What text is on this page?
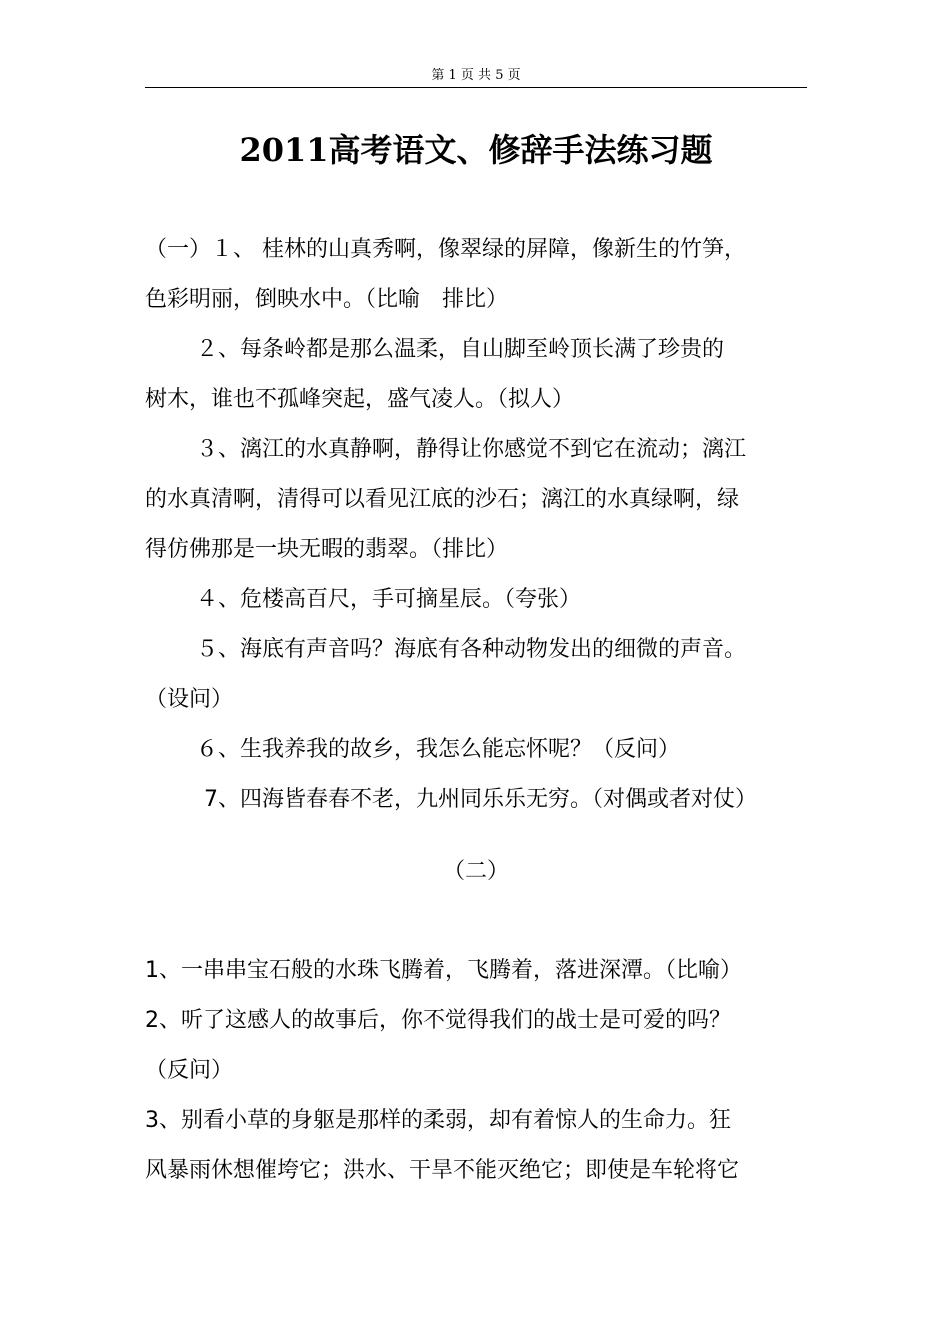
第 1 页 共 5 页
2011高考语文、修辞手法练习题
（一）１、 桂林的山真秀啊，像翠绿的屏障，像新生的竹笋，
色彩明丽，倒映水中。（比喻　排比）
２、每条岭都是那么温柔，自山脚至岭顶长满了珍贵的
树木，谁也不孤峰突起，盛气凌人。（拟人）
３、漓江的水真静啊，静得让你感觉不到它在流动；漓江
的水真清啊，清得可以看见江底的沙石；漓江的水真绿啊，绿
得仿佛那是一块无暇的翡翠。（排比）
４、危楼高百尺，手可摘星辰。（夸张）
５、海底有声音吗？海底有各种动物发出的细微的声音。
（设问）
６、生我养我的故乡，我怎么能忘怀呢？（反问）
7、四海皆春春不老，九州同乐乐无穷。（对偶或者对仗）
（二）
1、一串串宝石般的水珠飞腾着，飞腾着，落进深潭。（比喻）
2、听了这感人的故事后，你不觉得我们的战士是可爱的吗？
（反问）
3、别看小草的身躯是那样的柔弱，却有着惊人的生命力。狂
风暴雨休想催垮它；洪水、干旱不能灭绝它；即使是车轮将它
